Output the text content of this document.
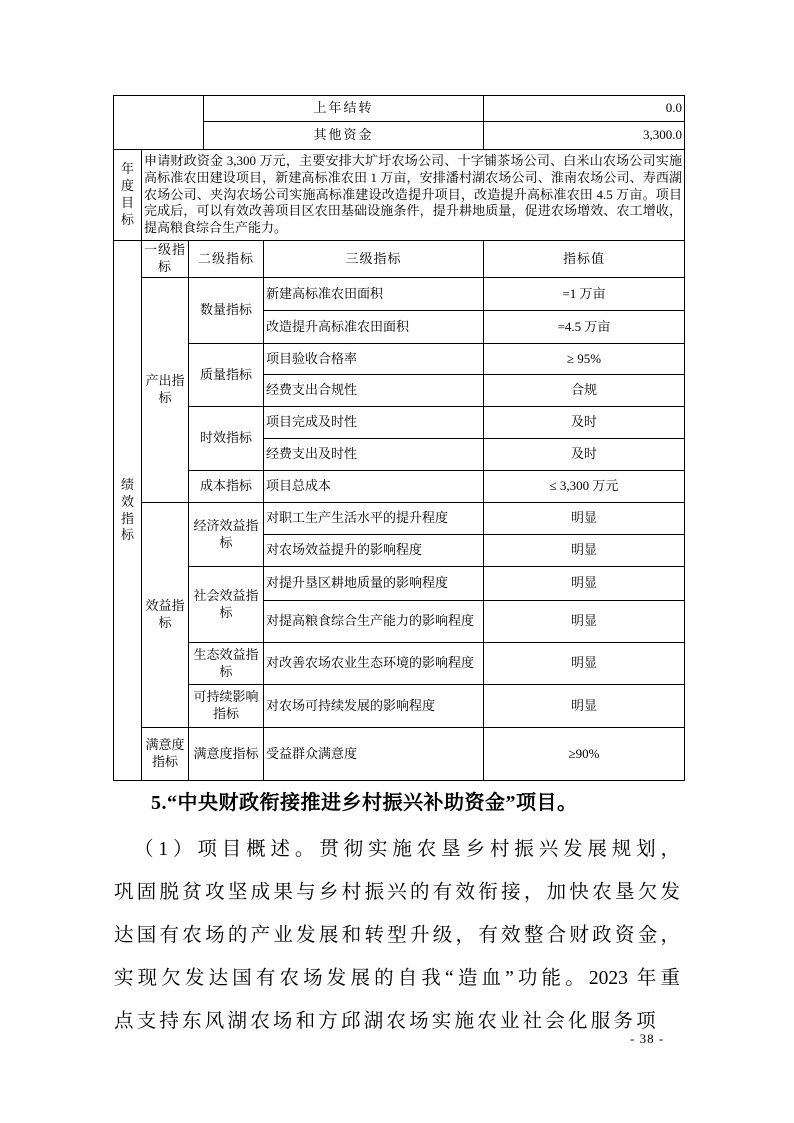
	上年结转	0.0
	其他资金	3,300.0
年度目标	申请财政资金 3,300 万元，主要安排大圹圩农场公司、十字铺茶场公司、白米山农场公司实施高标准农田建设项目，新建高标准农田 1 万亩，安排潘村湖农场公司、淮南农场公司、寿西湖农场公司、夹沟农场公司实施高标准建设改造提升项目，改造提升高标准农田 4.5 万亩。项目完成后，可以有效改善项目区农田基础设施条件，提升耕地质量，促进农场增效、农工增收，提高粮食综合生产能力。
绩效指标	一级指标	二级指标	三级指标	指标值
	产出指标	数量指标	新建高标准农田面积	=1 万亩
			改造提升高标准农田面积	=4.5 万亩
		质量指标	项目验收合格率	≥ 95%
			经费支出合规性	合规
		时效指标	项目完成及时性	及时
			经费支出及时性	及时
		成本指标	项目总成本	≤ 3,300 万元
	效益指标	经济效益指标	对职工生产生活水平的提升程度	明显
			对农场效益提升的影响程度	明显
		社会效益指标	对提升垦区耕地质量的影响程度	明显
			对提高粮食综合生产能力的影响程度	明显
		生态效益指标	对改善农场农业生态环境的影响程度	明显
		可持续影响指标	对农场可持续发展的影响程度	明显
	满意度指标	满意度指标	受益群众满意度	≥90%
5.“中央财政衔接推进乡村振兴补助资金”项目。
（1）项目概述。贯彻实施农垦乡村振兴发展规划，
巩固脱贫攻坚成果与乡村振兴的有效衔接，加快农垦欠发
达国有农场的产业发展和转型升级，有效整合财政资金，
实现欠发达国有农场发展的自我“造血”功能。2023 年重
点支持东风湖农场和方邱湖农场实施农业社会化服务项
- 38 -
